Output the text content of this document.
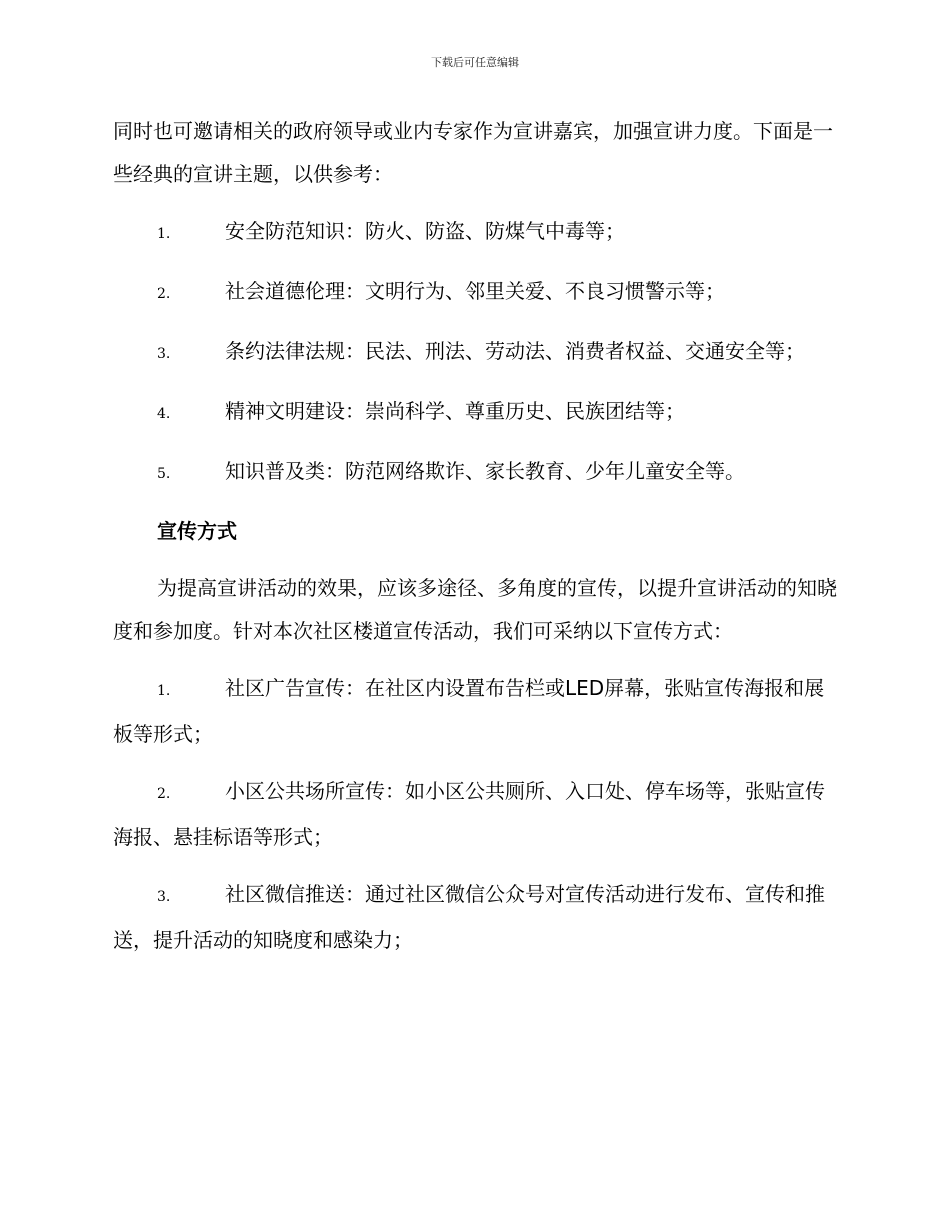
下载后可任意编辑

同时也可邀请相关的政府领导或业内专家作为宣讲嘉宾，加强宣讲力度。下面是一些经典的宣讲主题，以供参考：

1.	安全防范知识：防火、防盗、防煤气中毒等；

2.	社会道德伦理：文明行为、邻里关爱、不良习惯警示等；

3.	条约法律法规：民法、刑法、劳动法、消费者权益、交通安全等；

4.	精神文明建设：崇尚科学、尊重历史、民族团结等；

5.	知识普及类：防范网络欺诈、家长教育、少年儿童安全等。

宣传方式

为提高宣讲活动的效果，应该多途径、多角度的宣传，以提升宣讲活动的知晓度和参加度。针对本次社区楼道宣传活动，我们可采纳以下宣传方式：

1.	社区广告宣传：在社区内设置布告栏或LED屏幕，张贴宣传海报和展板等形式；

2.	小区公共场所宣传：如小区公共厕所、入口处、停车场等，张贴宣传海报、悬挂标语等形式；

3.	社区微信推送：通过社区微信公众号对宣传活动进行发布、宣传和推送，提升活动的知晓度和感染力；
